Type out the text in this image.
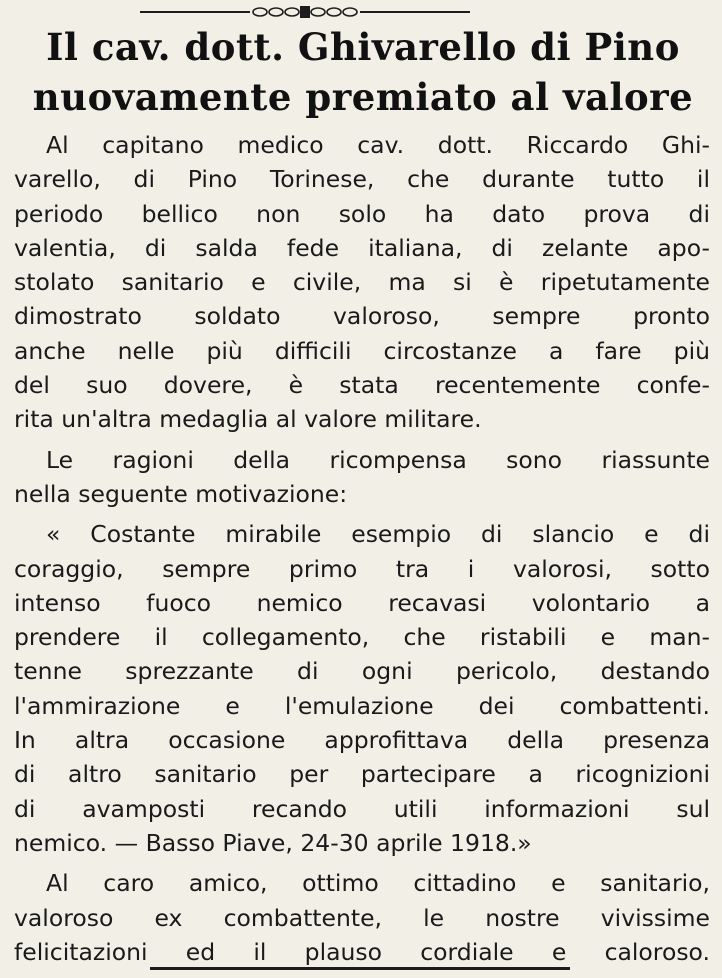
Il cav. dott. Ghivarello di Pino
nuovamente premiato al valore
Al capitano medico cav. dott. Riccardo Ghi-
varello, di Pino Torinese, che durante tutto il
periodo bellico non solo ha dato prova di
valentia, di salda fede italiana, di zelante apo-
stolato sanitario e civile, ma si è ripetutamente
dimostrato soldato valoroso, sempre pronto
anche nelle più difficili circostanze a fare più
del suo dovere, è stata recentemente confe-
rita un'altra medaglia al valore militare.
Le ragioni della ricompensa sono riassunte
nella seguente motivazione:
« Costante mirabile esempio di slancio e di
coraggio, sempre primo tra i valorosi, sotto
intenso fuoco nemico recavasi volontario a
prendere il collegamento, che ristabili e man-
tenne sprezzante di ogni pericolo, destando
l'ammirazione e l'emulazione dei combattenti.
In altra occasione approfittava della presenza
di altro sanitario per partecipare a ricognizioni
di avamposti recando utili informazioni sul
nemico. — Basso Piave, 24-30 aprile 1918.»
Al caro amico, ottimo cittadino e sanitario,
valoroso ex combattente, le nostre vivissime
felicitazioni ed il plauso cordiale e caloroso.
